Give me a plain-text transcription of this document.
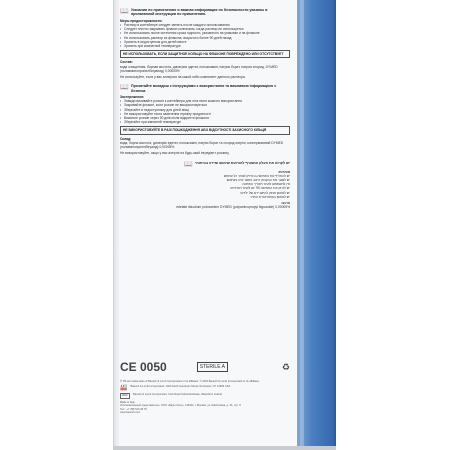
📖 Указания по применению и важная информация по безопасности указаны в прилагаемой инструкции по применению.
Меры предосторожности:
• Раствор в контейнере следует менять после каждого использования
• Следует плотно закрывать флакон колпачком, когда раствор не используется
• Не использовать после истечения срока годности, указанного на упаковке и на флаконе
• Не использовать раствор из флакона, вскрытого более 90 дней назад
• Хранить в недоступном для детей месте
• Хранить при комнатной температуре
НЕ ИСПОЛЬЗОВАТЬ, ЕСЛИ ЗАЩИТНОЕ КОЛЬЦО НА ФЛАКОНЕ ПОВРЕЖДЕНО ИЛИ ОТСУТСТВУЕТ
Состав:
вода очищенная, борная кислота, динатрия эдетат, полоксамин, натрия борат, натрия хлорид, DYMED (полиаминопропилбигуанид) 0,00005%
Не используйте, если у вас аллергия на какой-либо компонент данного раствора.
📖 Прочитайте вкладиш з інструкціями з використання та важливою інформацією з безпеки.
Застереження:
• Завжди виливайте розчин з контейнера для лінз після кожного використання
• Закривайте флакон, коли розчин не використовується
• Зберігайте в недоступному для дітей місці
• Не використовуйте після закінчення терміну придатності
• Викиньте розчин через 90 днів після відкриття флакона
• Зберігайте при кімнатній температурі
НЕ ВИКОРИСТОВУЙТЕ В РАЗІ ПОШКОДЖЕННЯ АБО ВІДСУТНОСТІ ЗАХИСНОГО КІЛЬЦЯ
Склад:
вода, борна кислота, динатрію едетат, полоксамін, натрію борат та хлорид натрію; консервований DYMED (поліамінопропілбігуанід) 0,00005%
Не використовуйте, якщо у вас алергія на будь-який інгредієнт розчину.
יש לקרוא את העלון המצורף להוראות שימוש ומידע בטיחותי
📖
אזהרות:
יש להחליף את התמיסה בנרתיק לאחר כל שימוש
יש לסגור את הבקבוק היטב כאשר אינו בשימוש
אין להשתמש לאחר תאריך התפוגה
יש לזרוק את התמיסה 90 יום לאחר הפתיחה
יש לאחסן מחוץ להישג ידם של ילדים
יש לאחסן בטמפרטורת החדר
הרכב:
edetate disodium poloxamine DYMED (polyaminopropyl biguanide) 0.00005%
CE 0050	STERILE A	♻
® TM are trademarks of Bausch & Lomb Incorporated or its affiliates. © 2020 Bausch & Lomb Incorporated or its affiliates.
🏭 Bausch & Lomb Incorporated, 1400 North Goodman Street, Rochester, NY 14609 USA
REF	Bausch & Lomb Incorporated, Cork Road Industrial Estate, Waterford, Ireland
Made in Italy
Уполномоченный представитель: ООО «Бауш Хелс», 115162, г. Москва, ул. Шаболовка, д. 31, стр. 5
Тел.: +7 495 510 28 79
www.bausch.com
